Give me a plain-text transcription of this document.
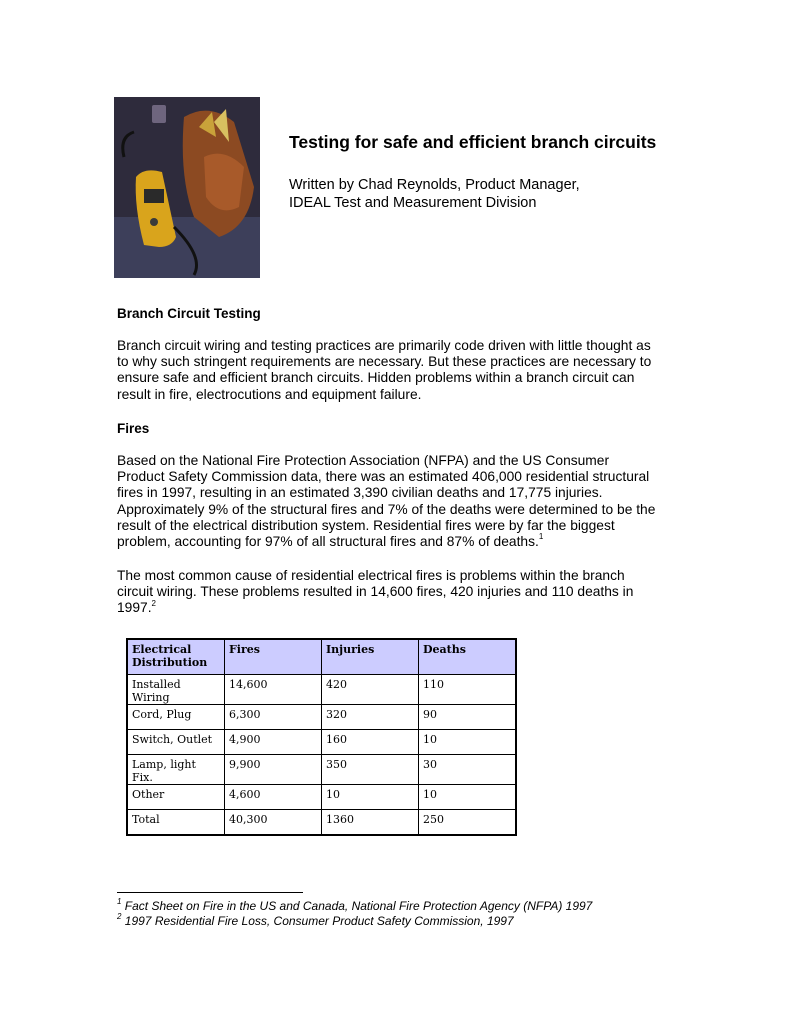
Testing for safe and efficient branch circuits
Written by Chad Reynolds, Product Manager,
IDEAL Test and Measurement Division
Branch Circuit Testing

Branch circuit wiring and testing practices are primarily code driven with little thought as
to why such stringent requirements are necessary. But these practices are necessary to
ensure safe and efficient branch circuits. Hidden problems within a branch circuit can
result in fire, electrocutions and equipment failure.

Fires

Based on the National Fire Protection Association (NFPA) and the US Consumer
Product Safety Commission data, there was an estimated 406,000 residential structural
fires in 1997, resulting in an estimated 3,390 civilian deaths and 17,775 injuries.
Approximately 9% of the structural fires and 7% of the deaths were determined to be the
result of the electrical distribution system. Residential fires were by far the biggest
problem, accounting for 97% of all structural fires and 87% of deaths.$^1$

The most common cause of residential electrical fires is problems within the branch
circuit wiring. These problems resulted in 14,600 fires, 420 injuries and 110 deaths in
1997.$^2$

Electrical Distribution	Fires	Injuries	Deaths
Installed Wiring	14,600	420	110
Cord, Plug	6,300	320	90
Switch, Outlet	4,900	160	10
Lamp, light Fix.	9,900	350	30
Other	4,600	10	10
Total	40,300	1360	250
$^1$ Fact Sheet on Fire in the US and Canada, National Fire Protection Agency (NFPA) 1997
$^2$ 1997 Residential Fire Loss, Consumer Product Safety Commission, 1997
